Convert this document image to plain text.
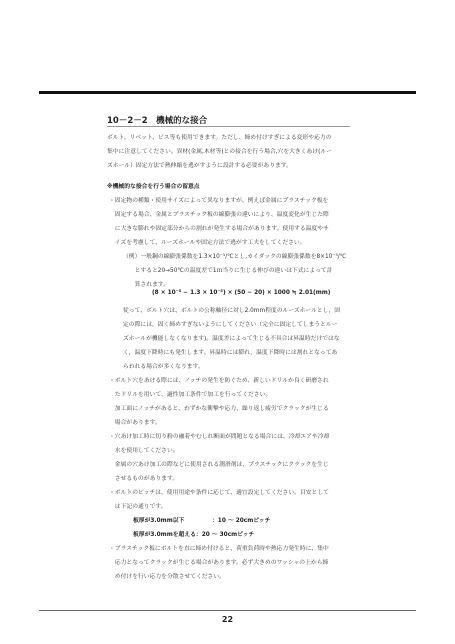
10－2－2　機械的な接合
ボルト、リベット、ビス等も使用できます。ただし、締め付けすぎによる変形や応力の
集中に注意してください。異材(金属,木材等)との接合を行う場合,穴を大きくあけ(ルー
ズホール）固定方法で熱伸縮を逃がすように設計する必要があります。
※機械的な接合を行う場合の留意点
・固定物の種類・使用サイズによって異なりますが、例えば金属にプラスチック板を
　固定する場合、金属とプラスチック板の線膨張の違いにより、温度変化が生じた際
　に大きな膨れや固定部分からの割れが発生する場合があります。使用する温度やサ
　イズを考慮して、ルーズホールや固定方法で逃がす工夫をしてください。
（例）一般鋼の線膨張係数を1.3×10⁻⁵/℃とし,カイダックの線膨張係数を8×10⁻⁵/℃
　　とすると20→50℃の温度差で1ｍ当りに生じる伸びの違いは下式によって計
　　算されます。
(8 × 10⁻⁵ − 1.3 × 10⁻⁵) × (50 − 20) × 1000 ≒ 2.01(mm)
従って、ボルト穴は、ボルトの公称軸径に対し2.0mm程度のルーズホールとし，固
定の際には，固く締めすぎないようにしてください（完全に固定してしまうとルー
ズホールが機能しなくなります)。温度差によって生じる不具合は昇温時だけではな
く，温度下降時にも発生します。昇温時には膨れ，温度下降時には割れとなってあ
らわれる場合が多くなります。
・ボルト穴をあける際には、ノッチの発生を防ぐため、新しいドリルか良く研磨され
　たドリルを用いて、適性加工条件で加工を行ってください。
　加工面にノッチがあると、わずかな衝撃や応力、繰り返し疲労でクラックが生じる
　場合があります。
・穴あけ加工時に切り粉の融着やむしれ断面が問題となる場合には、冷却エアや冷却
　水を使用してください。
　金属の穴あけ加工の際などに使用される潤滑剤は、プラスチックにクラックを生じ
　させるものがあります。
・ボルトのピッチは、使用用途や条件に応じて、適宜設定してください。目安として
　は下記の通りです。
板厚が3.0mm以下	：10 ～ 20cmピッチ
板厚が3.0mmを超える：20 ～ 30cmピッチ
・プラスチック板にボルトを直に締め付けると、荷重負荷時や熱応力発生時に、集中
　応力となってクラックが生じる場合があります。必ず大きめのワッシャの上から締
　め付けを行い応力を分散させてください。
22
